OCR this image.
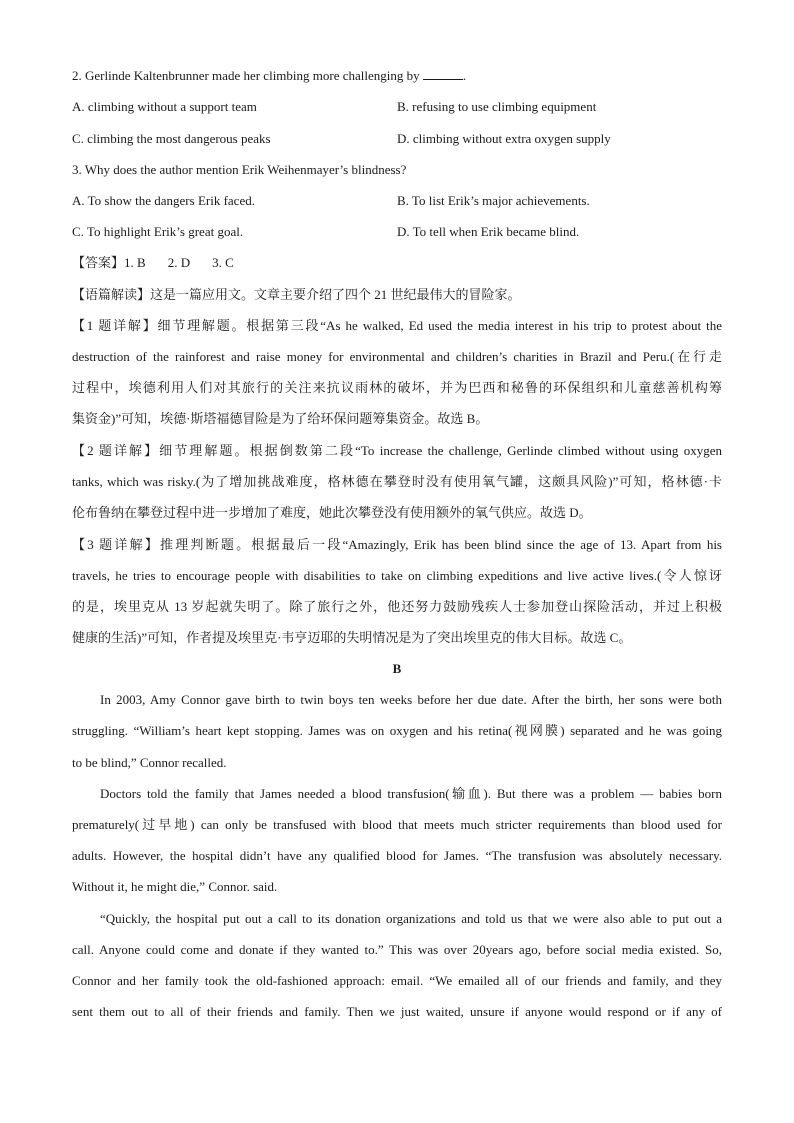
2. Gerlinde Kaltenbrunner made her climbing more challenging by	.
A. climbing without a support team	B. refusing to use climbing equipment
C. climbing the most dangerous peaks	D. climbing without extra oxygen supply
3. Why does the author mention Erik Weihenmayer’s blindness?
A. To show the dangers Erik faced.	B. To list Erik’s major achievements.
C. To highlight Erik’s great goal.	D. To tell when Erik became blind.
【答案】1. B 2. D 3. C
【语篇解读】这是一篇应用文。文章主要介绍了四个 21 世纪最伟大的冒险家。
【1 题详解】细节理解题。根据第三段“As he walked, Ed used the media interest in his trip to protest about the
destruction of the rainforest and raise money for environmental and children’s charities in Brazil and Peru.(在行走
过程中，埃德利用人们对其旅行的关注来抗议雨林的破坏，并为巴西和秘鲁的环保组织和儿童慈善机构筹
集资金)”可知，埃德·斯塔福德冒险是为了给环保问题筹集资金。故选 B。
【2 题详解】细节理解题。根据倒数第二段“To increase the challenge, Gerlinde climbed without using oxygen
tanks, which was risky.(为了增加挑战难度，格林德在攀登时没有使用氧气罐，这颇具风险)”可知，格林德·卡
伦布鲁纳在攀登过程中进一步增加了难度，她此次攀登没有使用额外的氧气供应。故选 D。
【3 题详解】推理判断题。根据最后一段“Amazingly, Erik has been blind since the age of 13. Apart from his
travels, he tries to encourage people with disabilities to take on climbing expeditions and live active lives.(令人惊讶
的是，埃里克从 13 岁起就失明了。除了旅行之外，他还努力鼓励残疾人士参加登山探险活动，并过上积极
健康的生活)”可知，作者提及埃里克·韦亨迈耶的失明情况是为了突出埃里克的伟大目标。故选 C。
B
In 2003, Amy Connor gave birth to twin boys ten weeks before her due date. After the birth, her sons were both
struggling. “William’s heart kept stopping. James was on oxygen and his retina(视网膜) separated and he was going
to be blind,” Connor recalled.
Doctors told the family that James needed a blood transfusion(输血). But there was a problem — babies born
prematurely(过早地) can only be transfused with blood that meets much stricter requirements than blood used for
adults. However, the hospital didn’t have any qualified blood for James. “The transfusion was absolutely necessary.
Without it, he might die,” Connor. said.
“Quickly, the hospital put out a call to its donation organizations and told us that we were also able to put out a
call. Anyone could come and donate if they wanted to.” This was over 20years ago, before social media existed. So,
Connor and her family took the old-fashioned approach: email. “We emailed all of our friends and family, and they
sent them out to all of their friends and family. Then we just waited, unsure if anyone would respond or if any of
